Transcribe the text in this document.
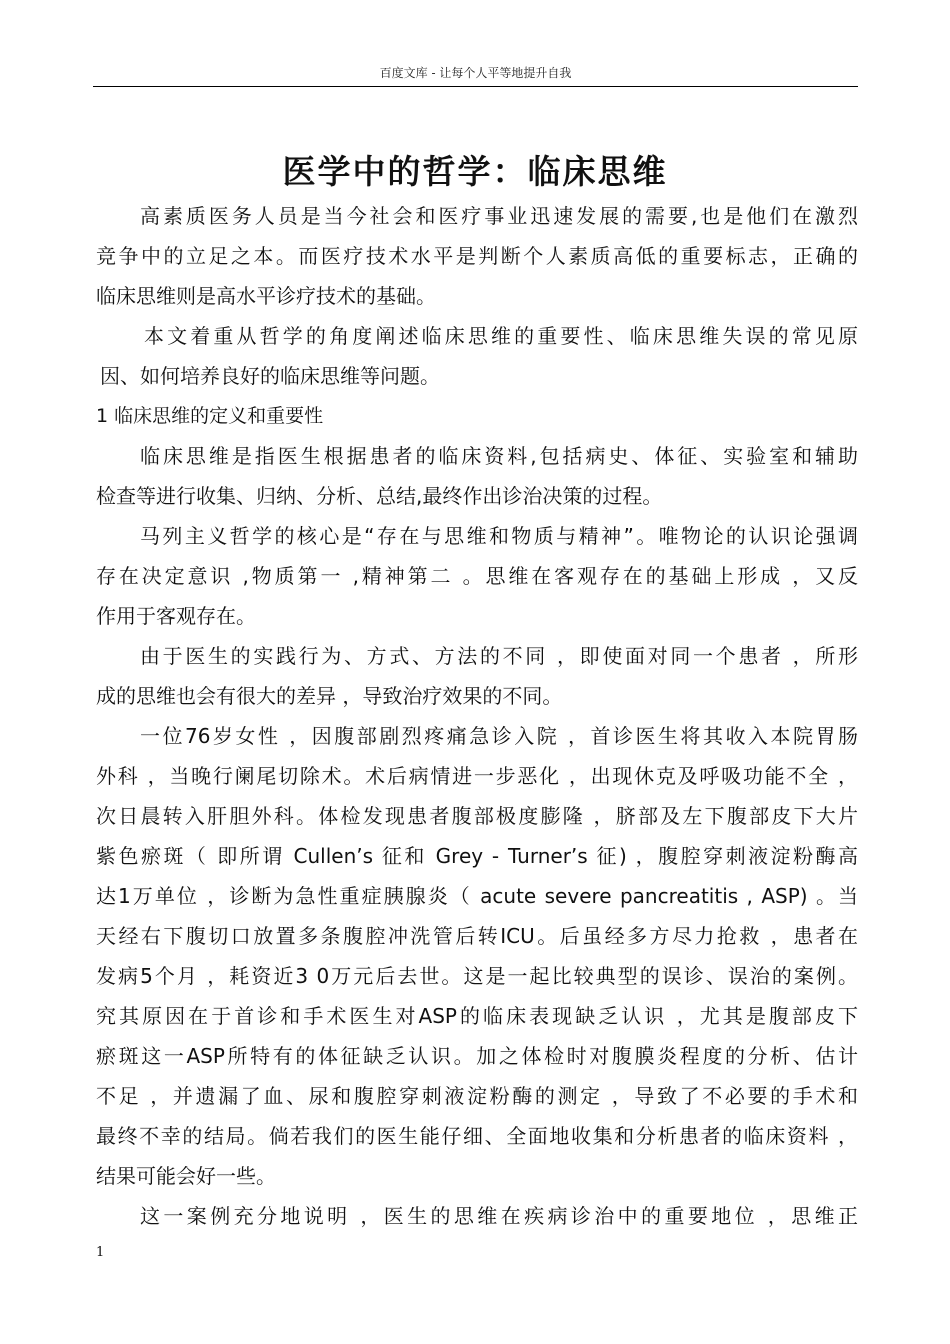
百度文库 - 让每个人平等地提升自我
医学中的哲学：临床思维
高素质医务人员是当今社会和医疗事业迅速发展的需要,也是他们在激烈
竞争中的立足之本。而医疗技术水平是判断个人素质高低的重要标志，正确的
临床思维则是高水平诊疗技术的基础。
本文着重从哲学的角度阐述临床思维的重要性、临床思维失误的常见原
因、如何培养良好的临床思维等问题。
1 临床思维的定义和重要性
临床思维是指医生根据患者的临床资料,包括病史、体征、实验室和辅助
检查等进行收集、归纳、分析、总结,最终作出诊治决策的过程。
马列主义哲学的核心是“存在与思维和物质与精神”。唯物论的认识论强调
存在决定意识 ,物质第一 ,精神第二 。思维在客观存在的基础上形成 ，又反
作用于客观存在。
由于医生的实践行为、方式、方法的不同 ，即使面对同一个患者 ，所形
成的思维也会有很大的差异 ，导致治疗效果的不同。
一位76岁女性 ，因腹部剧烈疼痛急诊入院 ，首诊医生将其收入本院胃肠
外科 ，当晚行阑尾切除术。术后病情进一步恶化 ，出现休克及呼吸功能不全 ，
次日晨转入肝胆外科。体检发现患者腹部极度膨隆 ，脐部及左下腹部皮下大片
紫色瘀斑（ 即所谓 Cullen’s 征和 Grey - Turner’s 征) ，腹腔穿刺液淀粉酶高
达1万单位 ，诊断为急性重症胰腺炎（ acute severe pancreatitis , ASP) 。当
天经右下腹切口放置多条腹腔冲洗管后转ICU。后虽经多方尽力抢救 ，患者在
发病5个月 ，耗资近3 0万元后去世。这是一起比较典型的误诊、误治的案例。
究其原因在于首诊和手术医生对ASP的临床表现缺乏认识 ，尤其是腹部皮下
瘀斑这一ASP所特有的体征缺乏认识。加之体检时对腹膜炎程度的分析、估计
不足 ，并遗漏了血、尿和腹腔穿刺液淀粉酶的测定 ，导致了不必要的手术和
最终不幸的结局。倘若我们的医生能仔细、全面地收集和分析患者的临床资料 ，
结果可能会好一些。
这一案例充分地说明 ，医生的思维在疾病诊治中的重要地位 ，思维正
1
